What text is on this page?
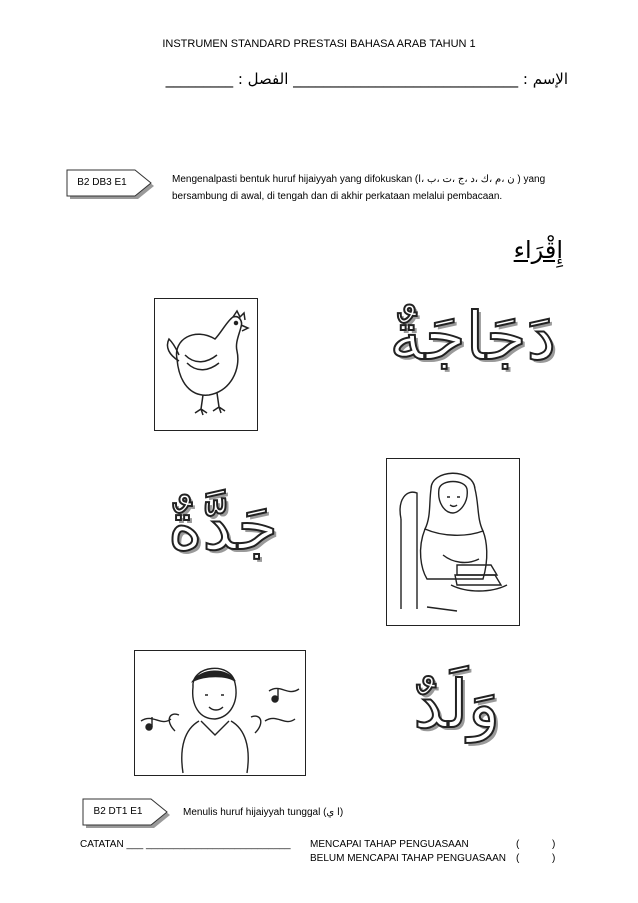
INSTRUMEN STANDARD PRESTASI BAHASA ARAB TAHUN 1
الإسم : ______________________________ الفصل : _________
B2 DB3 E1	Mengenalpasti bentuk huruf hijaiyyah yang difokuskan (ن ،م ،ك ،د ،ج ،ت ،ب ،ا ) yang
bersambung di awal, di tengah dan di akhir perkataan melalui pembacaan.
إِقْرَاء
دَجَاجَةٌ
جَدَّةٌ
وَلَدٌ
B2 DT1 E1	Menulis huruf hijaiyyah tunggal (ا ي)
CATATAN ___ __________________________ MENCAPAI TAHAP PENGUASAAN	(	)
BELUM MENCAPAI TAHAP PENGUASAAN (	)
